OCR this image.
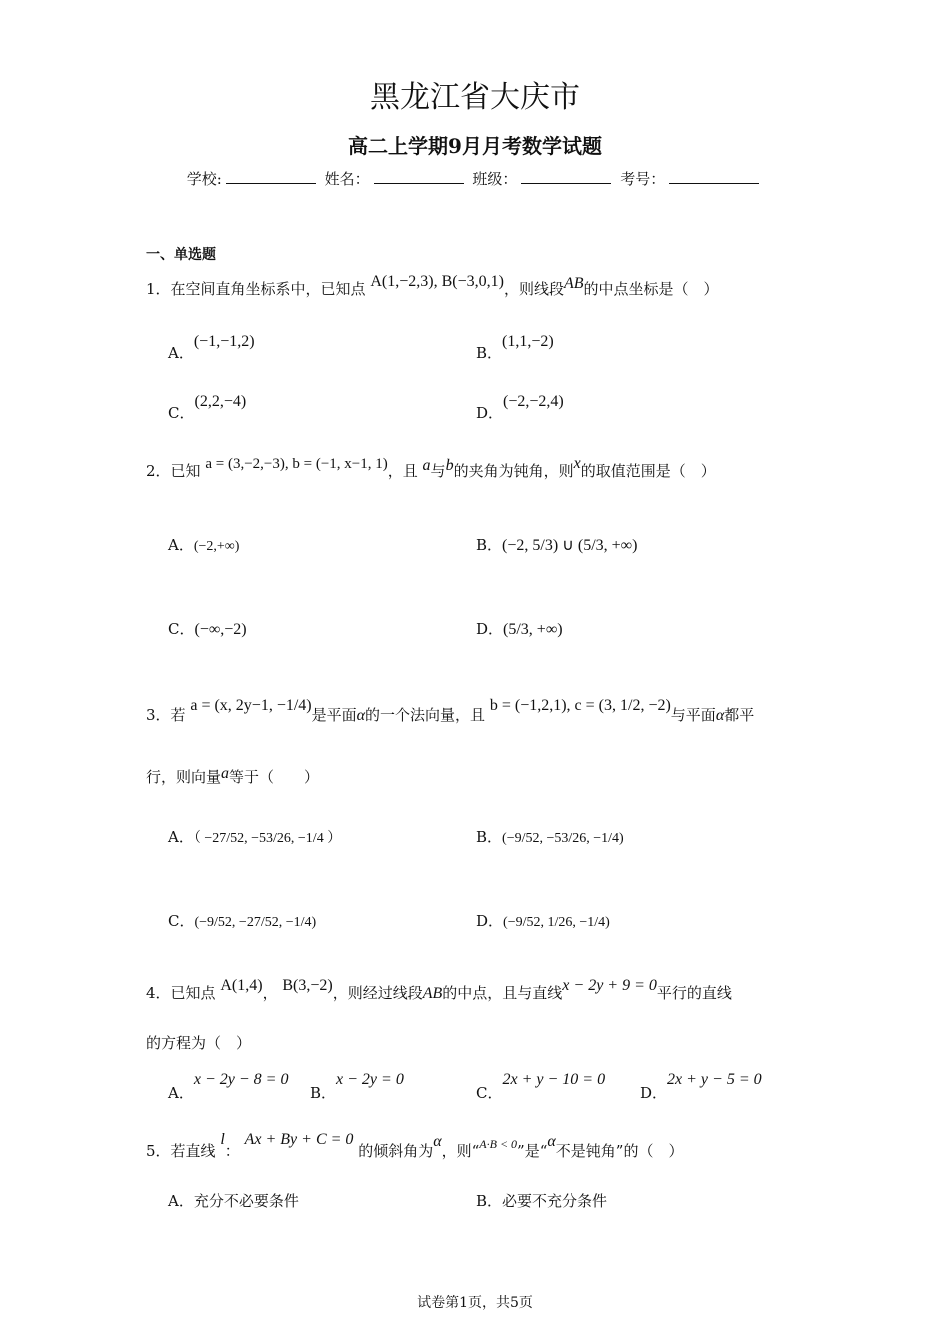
黑龙江省大庆市
高二上学期9月月考数学试题
学校:	姓名：	班级：	考号：
一、单选题
1．在空间直角坐标系中，已知点 A(1,−2,3), B(−3,0,1)，则线段AB的中点坐标是（　）
A．(−1,−1,2)
B．(1,1,−2)
C．(2,2,−4)
D．(−2,−2,4)
2．已知 a = (3,−2,−3), b = (−1, x−1, 1)，且 a与b的夹角为钝角，则x的取值范围是（　）
A．(−2,+∞)	B．(−2, 5/3) ∪ (5/3, +∞)
C．(−∞,−2)	D．(5/3, +∞)
3．若 a = (x, 2y−1, −1/4)是平面α的一个法向量，且 b = (−1,2,1), c = (3, 1/2, −2)与平面α都平
行，则向量a等于（　　）
A．（ −27/52, −53/26, −1/4 ）	B．(−9/52, −53/26, −1/4)
C．(−9/52, −27/52, −1/4)	D．(−9/52, 1/26, −1/4)
4．已知点 A(1,4)， B(3,−2)，则经过线段AB的中点，且与直线x − 2y + 9 = 0平行的直线
的方程为（　）
A．x − 2y − 8 = 0
B．x − 2y = 0
C．2x + y − 10 = 0
D．2x + y − 5 = 0
5．若直线 l： Ax + By + C = 0 的倾斜角为α，则“$^{A\cdot B < 0}$”是“α不是钝角”的（　）
A．充分不必要条件	B．必要不充分条件
试卷第1页，共5页
